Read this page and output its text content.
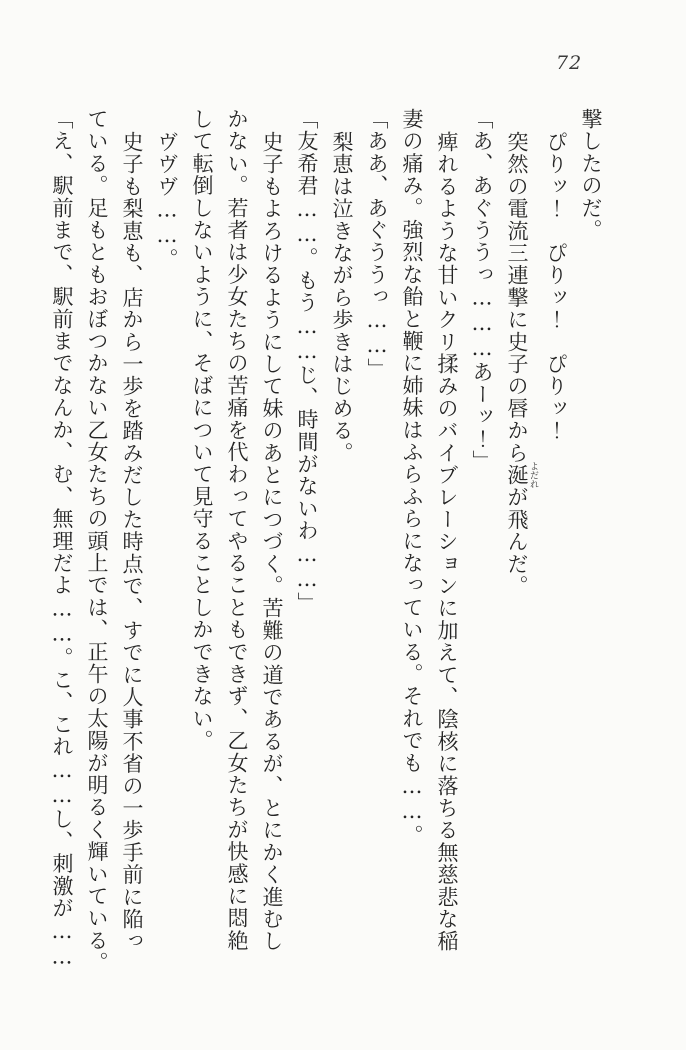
72
撃したのだ。
ぴりッ！　ぴりッ！　ぴりッ！
突然の電流三連撃に史子の唇から涎 よだれが飛んだ。
「あ、あぐううっ………あーッ！」
痺れるような甘いクリ揉みのバイブレーションに加えて、陰核に落ちる無慈悲な稲
妻の痛み。強烈な飴と鞭に姉妹はふらふらになっている。それでも……。
「ああ、あぐううっ……」
梨恵は泣きながら歩きはじめる。
「友希君……。もう……じ、時間がないわ……」
史子もよろけるようにして妹のあとにつづく。苦難の道であるが、とにかく進むし
かない。若者は少女たちの苦痛を代わってやることもできず、乙女たちが快感に悶絶
して転倒しないように、そばについて見守ることしかできない。
ヴヴヴ……。
史子も梨恵も、店から一歩を踏みだした時点で、すでに人事不省の一歩手前に陥っ
ている。足もともおぼつかない乙女たちの頭上では、正午の太陽が明るく輝いている。
「え、駅前まで、駅前までなんか、む、無理だよ……。こ、これ……し、刺激が……
